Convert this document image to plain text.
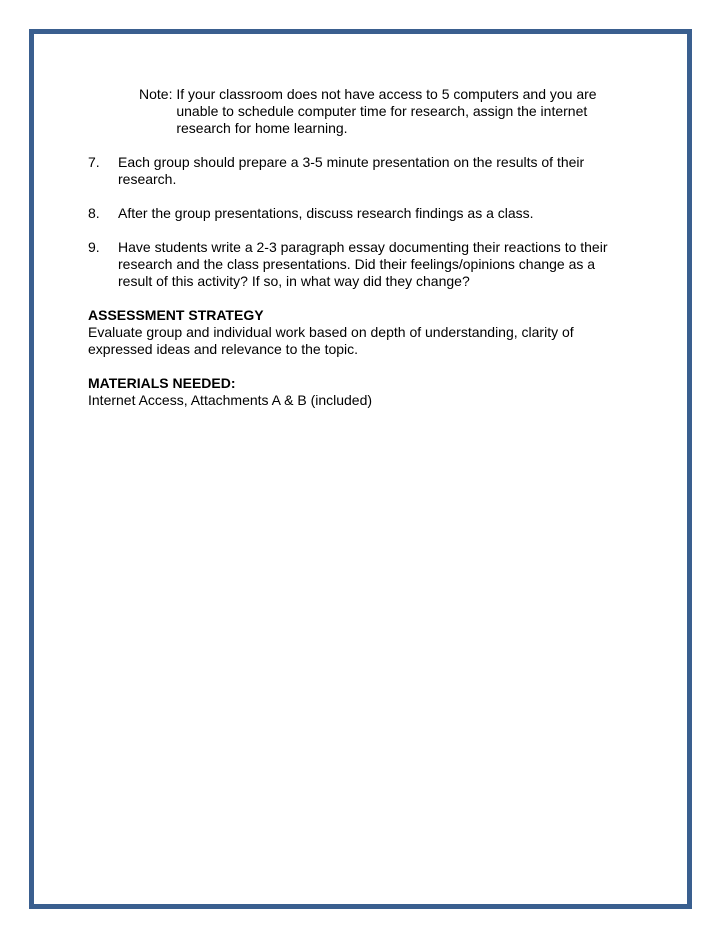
Note: If your classroom does not have access to 5 computers and you are
unable to schedule computer time for research, assign the internet
research for home learning.
7.	Each group should prepare a 3-5 minute presentation on the results of their
research.
8.	After the group presentations, discuss research findings as a class.
9.	Have students write a 2-3 paragraph essay documenting their reactions to their
research and the class presentations. Did their feelings/opinions change as a
result of this activity? If so, in what way did they change?
ASSESSMENT STRATEGY
Evaluate group and individual work based on depth of understanding, clarity of
expressed ideas and relevance to the topic.
MATERIALS NEEDED:
Internet Access, Attachments A & B (included)
